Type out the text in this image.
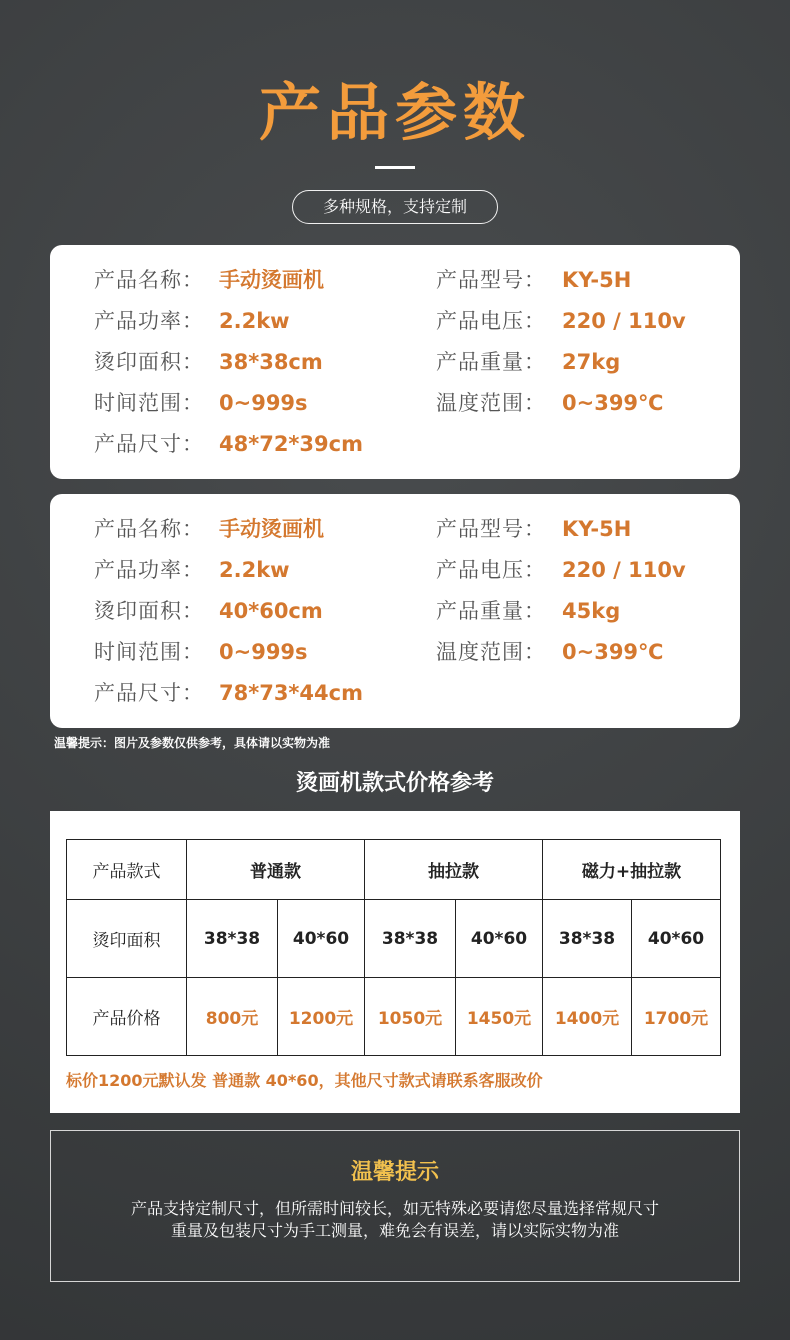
产品参数
多种规格，支持定制
产品名称： 手动烫画机	产品型号： KY-5H
产品功率： 2.2kw	产品电压： 220 / 110v
烫印面积： 38*38cm	产品重量： 27kg
时间范围： 0~999s	温度范围： 0~399℃
产品尺寸： 48*72*39cm
产品名称： 手动烫画机	产品型号： KY-5H
产品功率： 2.2kw	产品电压： 220 / 110v
烫印面积： 40*60cm	产品重量： 45kg
时间范围： 0~999s	温度范围： 0~399℃
产品尺寸： 78*73*44cm
温馨提示：图片及参数仅供参考，具体请以实物为准
烫画机款式价格参考
产品款式	普通款		抽拉款		磁力+抽拉款	
烫印面积	38*38	40*60	38*38	40*60	38*38	40*60
产品价格	800元	1200元	1050元	1450元	1400元	1700元
标价1200元默认发 普通款 40*60，其他尺寸款式请联系客服改价
温馨提示
产品支持定制尺寸，但所需时间较长，如无特殊必要请您尽量选择常规尺寸
重量及包装尺寸为手工测量，难免会有误差，请以实际实物为准
